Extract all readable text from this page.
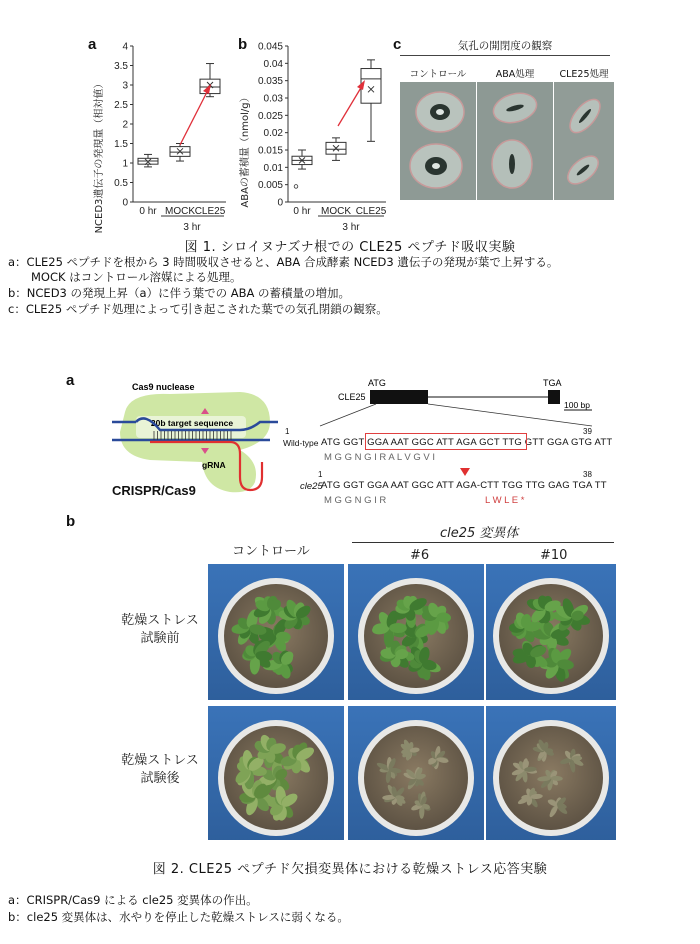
a	b	c
NCED3遺伝子の発現量（相対値） 0
0.5
1
1.5
2
2.5
3
3.5
4
0 hr MOCK CLE25
3 hr
ABAの蓄積量（nmol/g）	0
0.005
0.01
0.015
0.02
0.025
0.03
0.035
0.04
0.045
0 hr MOCK CLE25
3 hr
気孔の開閉度の観察
コントロール	ABA処理	CLE25処理
図 1. シロイヌナズナ根での CLE25 ペプチド吸収実験
a：CLE25 ペプチドを根から 3 時間吸収させると、ABA 合成酵素 NCED3 遺伝子の発現が葉で上昇する。
　　MOCK はコントロール溶媒による処理。
b：NCED3 の発現上昇（a）に伴う葉での ABA の蓄積量の増加。
c：CLE25 ペプチド処理によって引き起こされた葉での気孔閉鎖の観察。
a	Cas9 nuclease
20b target sequence
gRNA
CRISPR/Cas9
ATG	TGA
CLE25
100 bp
1	39
Wild-type ATG GGT GGA AAT GGC ATT AGA GCT TTG GTT GGA GTG ATT
M G G N G I R A L V G V I
1	38
cle25
ATG GGT GGA AAT GGC ATT AGA-CTT TGG TTG GAG TGA TT
M G G N G I R	L W L E *
b
コントロール
cle25 変異体
#6	#10
乾燥ストレス
試験前
乾燥ストレス
試験後
図 2. CLE25 ペプチド欠損変異体における乾燥ストレス応答実験
a：CRISPR/Cas9 による cle25 変異体の作出。
b：cle25 変異体は、水やりを停止した乾燥ストレスに弱くなる。
